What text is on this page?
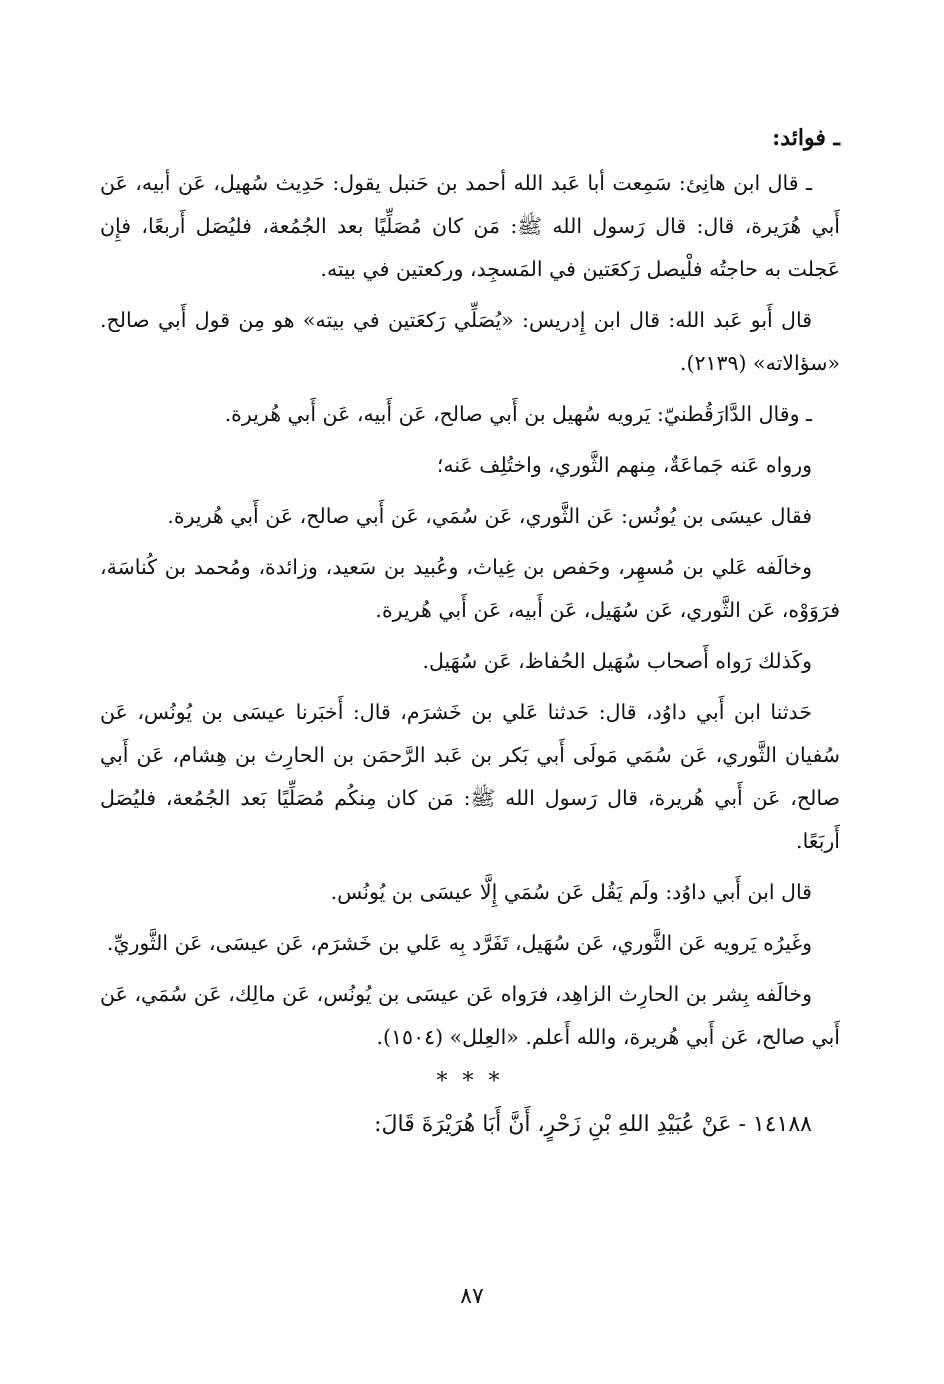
ـ فوائد:

ـ قال ابن هانِئ: سَمِعت أبا عَبد الله أحمد بن حَنبل يقول: حَدِيث سُهيل، عَن أبيه، عَن أَبي هُرَيرة، قال: قال رَسول الله ﷺ: مَن كان مُصَلِّيًا بعد الجُمُعة، فليُصَل أَربعًا، فإِن عَجلت به حاجتُه فلْيصل رَكعَتين في المَسجِد، وركعتين في بيته.

قال أَبو عَبد الله: قال ابن إِدريس: «يُصَلِّي رَكعَتين في بيته» هو مِن قول أَبي صالح. «سؤالاته» (٢١٣٩).

ـ وقال الدَّارَقُطنيّ: يَرويه سُهيل بن أَبي صالح، عَن أَبيه، عَن أَبي هُريرة.

ورواه عَنه جَماعَةٌ، مِنهم الثَّوري، واختُلِف عَنه؛

فقال عيسَى بن يُونُس: عَن الثَّوري، عَن سُمَي، عَن أَبي صالح، عَن أَبي هُريرة.

وخالَفه عَلي بن مُسهِر، وحَفص بن غِياث، وعُبيد بن سَعيد، وزائدة، ومُحمد بن كُناسَة، فرَوَوْه، عَن الثَّوري، عَن سُهَيل، عَن أَبيه، عَن أَبي هُريرة.

وكَذلك رَواه أَصحاب سُهَيل الحُفاظ، عَن سُهَيل.

حَدثنا ابن أَبي داوُد، قال: حَدثنا عَلي بن خَشرَم، قال: أَخبَرنا عيسَى بن يُونُس، عَن سُفيان الثَّوري، عَن سُمَي مَولَى أَبي بَكر بن عَبد الرَّحمَن بن الحارِث بن هِشام، عَن أَبي صالح، عَن أَبي هُريرة، قال رَسول الله ﷺ: مَن كان مِنكُم مُصَلِّيًا بَعد الجُمُعة، فليُصَل أَربَعًا.

قال ابن أَبي داوُد: ولَم يَقُل عَن سُمَي إِلَّا عيسَى بن يُونُس.

وغَيرُه يَرويه عَن الثَّوري، عَن سُهَيل، تَفَرَّد بِه عَلي بن خَشرَم، عَن عيسَى، عَن الثَّوريِّ.

وخالَفه بِشر بن الحارِث الزاهِد، فرَواه عَن عيسَى بن يُونُس، عَن مالِك، عَن سُمَي، عَن أَبي صالح، عَن أَبي هُريرة، والله أَعلم. «العِلل» (١٥٠٤).

* * *

١٤١٨٨ - عَنْ عُبَيْدِ اللهِ بْنِ زَحْرٍ، أَنَّ أَبَا هُرَيْرَةَ قَالَ:

٨٧
